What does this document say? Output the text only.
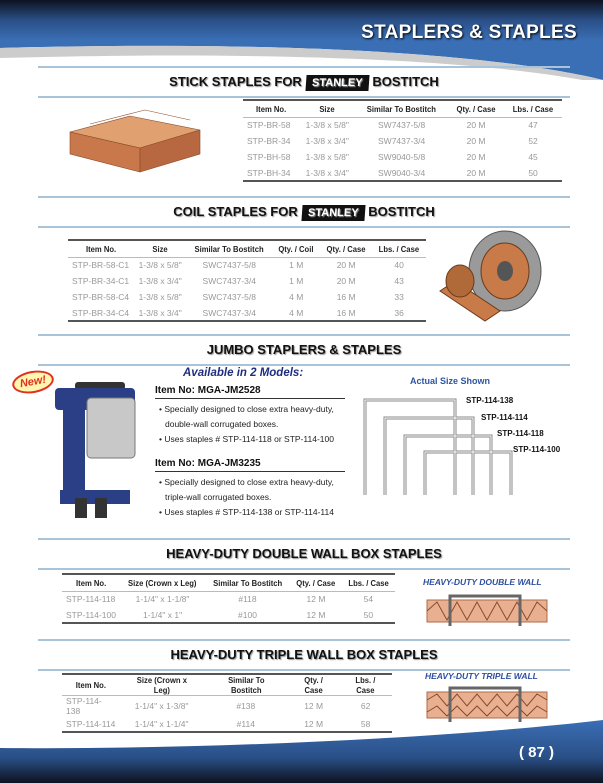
STAPLERS & STAPLES
STICK STAPLES FOR STANLEY BOSTITCH
Item No.	Size	Similar To Bostitch	Qty. / Case	Lbs. / Case
STP-BR-58	1-3/8 x 5/8"	SW7437-5/8	20 M	47
STP-BR-34	1-3/8 x 3/4"	SW7437-3/4	20 M	52
STP-BH-58	1-3/8 x 5/8"	SW9040-5/8	20 M	45
STP-BH-34	1-3/8 x 3/4"	SW9040-3/4	20 M	50
COIL STAPLES FOR STANLEY BOSTITCH
Item No.	Size	Similar To Bostitch	Qty. / Coil	Qty. / Case	Lbs. / Case
STP-BR-58-C1	1-3/8 x 5/8"	SWC7437-5/8	1 M	20 M	40
STP-BR-34-C1	1-3/8 x 3/4"	SWC7437-3/4	1 M	20 M	43
STP-BR-58-C4	1-3/8 x 5/8"	SWC7437-5/8	4 M	16 M	33
STP-BR-34-C4	1-3/8 x 3/4"	SWC7437-3/4	4 M	16 M	36
JUMBO STAPLERS & STAPLES
New!
Available in 2 Models:
Item No: MGA-JM2528
• Specially designed to close extra heavy-duty,
double-wall corrugated boxes.
• Uses staples # STP-114-118 or STP-114-100
Item No: MGA-JM3235
• Specially designed to close extra heavy-duty,
triple-wall corrugated boxes.
• Uses staples # STP-114-138 or STP-114-114
Actual Size Shown
STP-114-138
STP-114-114
STP-114-118
STP-114-100
HEAVY-DUTY DOUBLE WALL BOX STAPLES
Item No.	Size (Crown x Leg)	Similar To Bostitch	Qty. / Case	Lbs. / Case
STP-114-118	1-1/4" x 1-1/8"	#118	12 M	54
STP-114-100	1-1/4" x 1"	#100	12 M	50
HEAVY-DUTY DOUBLE WALL
HEAVY-DUTY TRIPLE WALL BOX STAPLES
Item No.	Size (Crown x Leg)	Similar To Bostitch	Qty. / Case	Lbs. / Case
STP-114-138	1-1/4" x 1-3/8"	#138	12 M	62
STP-114-114	1-1/4" x 1-1/4"	#114	12 M	58
HEAVY-DUTY TRIPLE WALL
( 87 )
